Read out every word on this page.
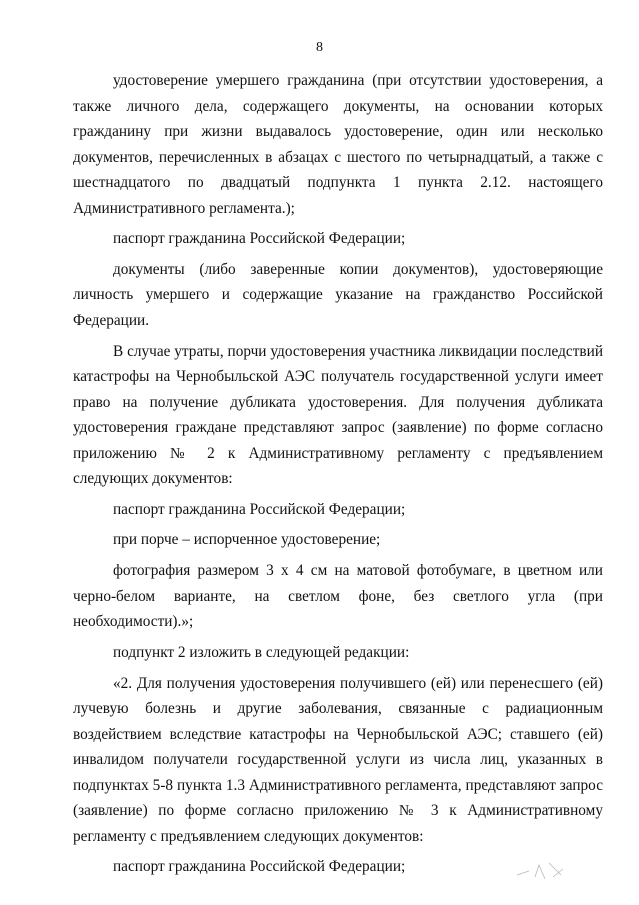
8

удостоверение умершего гражданина (при отсутствии удостоверения, а также личного дела, содержащего документы, на основании которых гражданину при жизни выдавалось удостоверение, один или несколько документов, перечисленных в абзацах с шестого по четырнадцатый, а также с шестнадцатого по двадцатый подпункта 1 пункта 2.12. настоящего Административного регламента.);

паспорт гражданина Российской Федерации;

документы (либо заверенные копии документов), удостоверяющие личность умершего и содержащие указание на гражданство Российской Федерации.

В случае утраты, порчи удостоверения участника ликвидации последствий катастрофы на Чернобыльской АЭС получатель государственной услуги имеет право на получение дубликата удостоверения. Для получения дубликата удостоверения граждане представляют запрос (заявление) по форме согласно приложению № 2 к Административному регламенту с предъявлением следующих документов:

паспорт гражданина Российской Федерации;

при порче – испорченное удостоверение;

фотография размером 3 х 4 см на матовой фотобумаге, в цветном или черно-белом варианте, на светлом фоне, без светлого угла (при необходимости).»;

подпункт 2 изложить в следующей редакции:

«2. Для получения удостоверения получившего (ей) или перенесшего (ей) лучевую болезнь и другие заболевания, связанные с радиационным воздействием вследствие катастрофы на Чернобыльской АЭС; ставшего (ей) инвалидом получатели государственной услуги из числа лиц, указанных в подпунктах 5-8 пункта 1.3 Административного регламента, представляют запрос (заявление) по форме согласно приложению № 3 к Административному регламенту с предъявлением следующих документов:

паспорт гражданина Российской Федерации;
